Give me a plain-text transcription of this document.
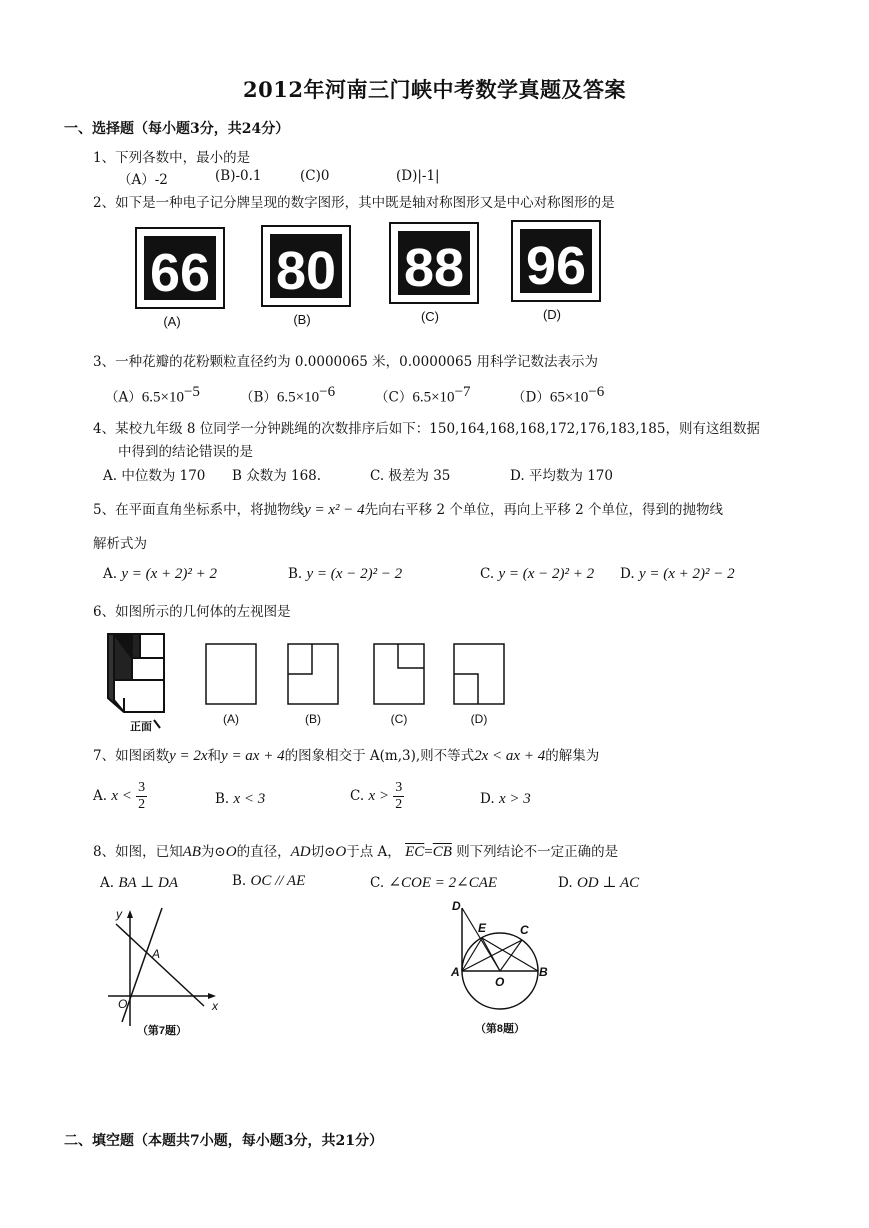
2012年河南三门峡中考数学真题及答案
一、选择题（每小题3分，共24分）
1、下列各数中，最小的是
（A）-2	(B)-0.1	(C)0	(D)|-1|
2、如下是一种电子记分牌呈现的数字图形，其中既是轴对称图形又是中心对称图形的是
66
(A)
80
(B)
88
(C)
96
(D)
3、一种花瓣的花粉颗粒直径约为 0.0000065 米，0.0000065 用科学记数法表示为
$(A)6.5\times 10^{-5}$	$(B)6.5\times 10^{-6}$	$(C)6.5\times 10^{-7}$	$(D)65\times 10^{-6}$
4、某校九年级 8 位同学一分钟跳绳的次数排序后如下：150,164,168,168,172,176,183,185，则有这组数据
中得到的结论错误的是
A. 中位数为 170 B 众数为 168.	C. 极差为 35	D. 平均数为 170
5、在平面直角坐标系中，将抛物线y = x² − 4先向右平移 2 个单位，再向上平移 2 个单位，得到的抛物线
解析式为
A. y = (x + 2)² + 2	B. y = (x − 2)² − 2	C. y = (x − 2)² + 2 D. y = (x + 2)² − 2
6、如图所示的几何体的左视图是
正面
(A)	(B)	(C)	(D)
7、如图函数y = 2x和y = ax + 4的图象相交于 A(m,3),则不等式2x < ax + 4的解集为
A. $x < \frac{3}{2}$	B. x < 3	C. $x > \frac{3}{2}$	D. x > 3
8、如图，已知AB为⊙O的直径，AD切⊙O于点 A， $\overline{EC}=\overline{CB}$ 则下列结论不一定正确的是
A. BA ⊥ DA	B. OC // AE	C. ∠COE = 2∠CAE	D. OD ⊥ AC
y
x
O
A
（第7题）
D
E	C
A	B
O
（第8题）
二、填空题（本题共7小题，每小题3分，共21分）
